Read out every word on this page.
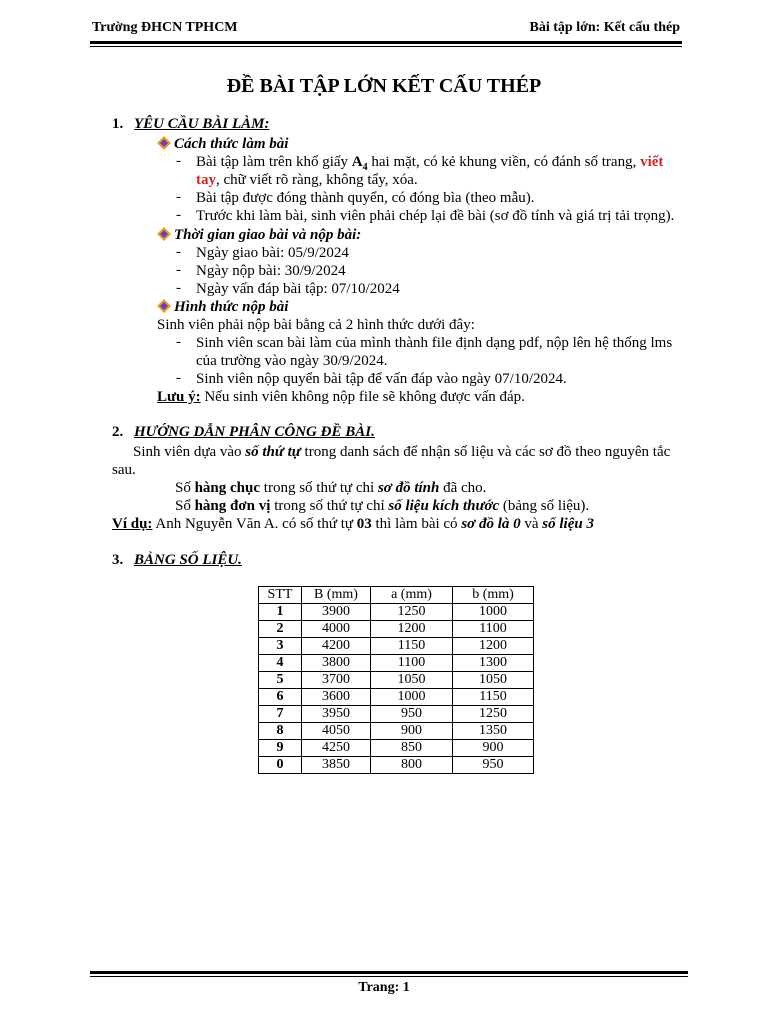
Trường ĐHCN TPHCM	Bài tập lớn: Kết cấu thép
ĐỀ BÀI TẬP LỚN KẾT CẤU THÉP
1. YÊU CẦU BÀI LÀM:
Cách thức làm bài
- Bài tập làm trên khổ giấy $A_4$ hai mặt, có kẻ khung viền, có đánh số trang, viết
tay, chữ viết rõ ràng, không tẩy, xóa.
- Bài tập được đóng thành quyển, có đóng bìa (theo mẫu).
- Trước khi làm bài, sinh viên phải chép lại đề bài (sơ đồ tính và giá trị tải trọng).
Thời gian giao bài và nộp bài:
- Ngày giao bài: 05/9/2024
- Ngày nộp bài: 30/9/2024
- Ngày vấn đáp bài tập: 07/10/2024
Hình thức nộp bài
Sinh viên phải nộp bài bằng cả 2 hình thức dưới đây:
- Sinh viên scan bài làm của mình thành file định dạng pdf, nộp lên hệ thống lms
của trường vào ngày 30/9/2024.
- Sinh viên nộp quyển bài tập để vấn đáp vào ngày 07/10/2024.
Lưu ý: Nếu sinh viên không nộp file sẽ không được vấn đáp.
2. HƯỚNG DẪN PHÂN CÔNG ĐỀ BÀI.
Sinh viên dựa vào số thứ tự trong danh sách để nhận số liệu và các sơ đồ theo nguyên tắc
sau.
Số hàng chục trong số thứ tự chỉ sơ đồ tính đã cho.
Số hàng đơn vị trong số thứ tự chỉ số liệu kích thước (bảng số liệu).
Ví dụ: Anh Nguyễn Văn A. có số thứ tự 03 thì làm bài có sơ đồ là 0 và số liệu 3
3. BẢNG SỐ LIỆU.
STT	B (mm)	a (mm)	b (mm)
1	3900	1250	1000
2	4000	1200	1100
3	4200	1150	1200
4	3800	1100	1300
5	3700	1050	1050
6	3600	1000	1150
7	3950	950	1250
8	4050	900	1350
9	4250	850	900
0	3850	800	950
Trang: 1
